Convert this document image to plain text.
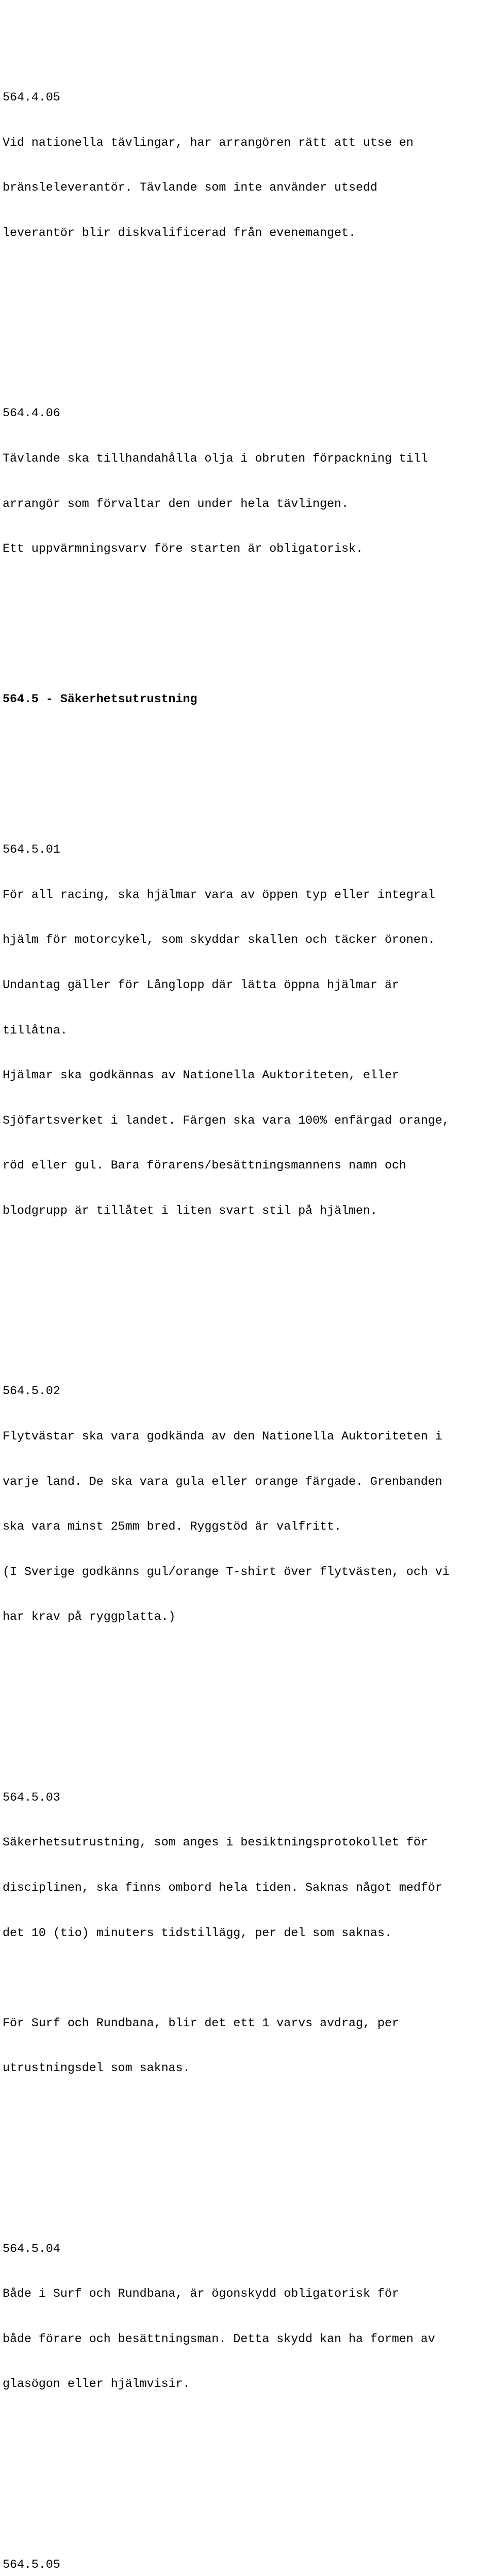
564.4.05

Vid nationella tävlingar, har arrangören rätt att utse en

bränsleleverantör. Tävlande som inte använder utsedd

leverantör blir diskvalificerad från evenemanget.

564.4.06

Tävlande ska tillhandahålla olja i obruten förpackning till

arrangör som förvaltar den under hela tävlingen.

Ett uppvärmningsvarv före starten är obligatorisk.

564.5 - Säkerhetsutrustning

564.5.01

För all racing, ska hjälmar vara av öppen typ eller integral

hjälm för motorcykel, som skyddar skallen och täcker öronen.

Undantag gäller för Långlopp där lätta öppna hjälmar är

tillåtna.

Hjälmar ska godkännas av Nationella Auktoriteten, eller

Sjöfartsverket i landet. Färgen ska vara 100% enfärgad orange,

röd eller gul. Bara förarens/besättningsmannens namn och

blodgrupp är tillåtet i liten svart stil på hjälmen.

564.5.02

Flytvästar ska vara godkända av den Nationella Auktoriteten i

varje land. De ska vara gula eller orange färgade. Grenbanden

ska vara minst 25mm bred. Ryggstöd är valfritt.

(I Sverige godkänns gul/orange T-shirt över flytvästen, och vi

har krav på ryggplatta.)

564.5.03

Säkerhetsutrustning, som anges i besiktningsprotokollet för

disciplinen, ska finns ombord hela tiden. Saknas något medför

det 10 (tio) minuters tidstillägg, per del som saknas.

För Surf och Rundbana, blir det ett 1 varvs avdrag, per

utrustningsdel som saknas.

564.5.04

Både i Surf och Rundbana, är ögonskydd obligatorisk för

både förare och besättningsman. Detta skydd kan ha formen av

glasögon eller hjälmvisir.

564.5.05
